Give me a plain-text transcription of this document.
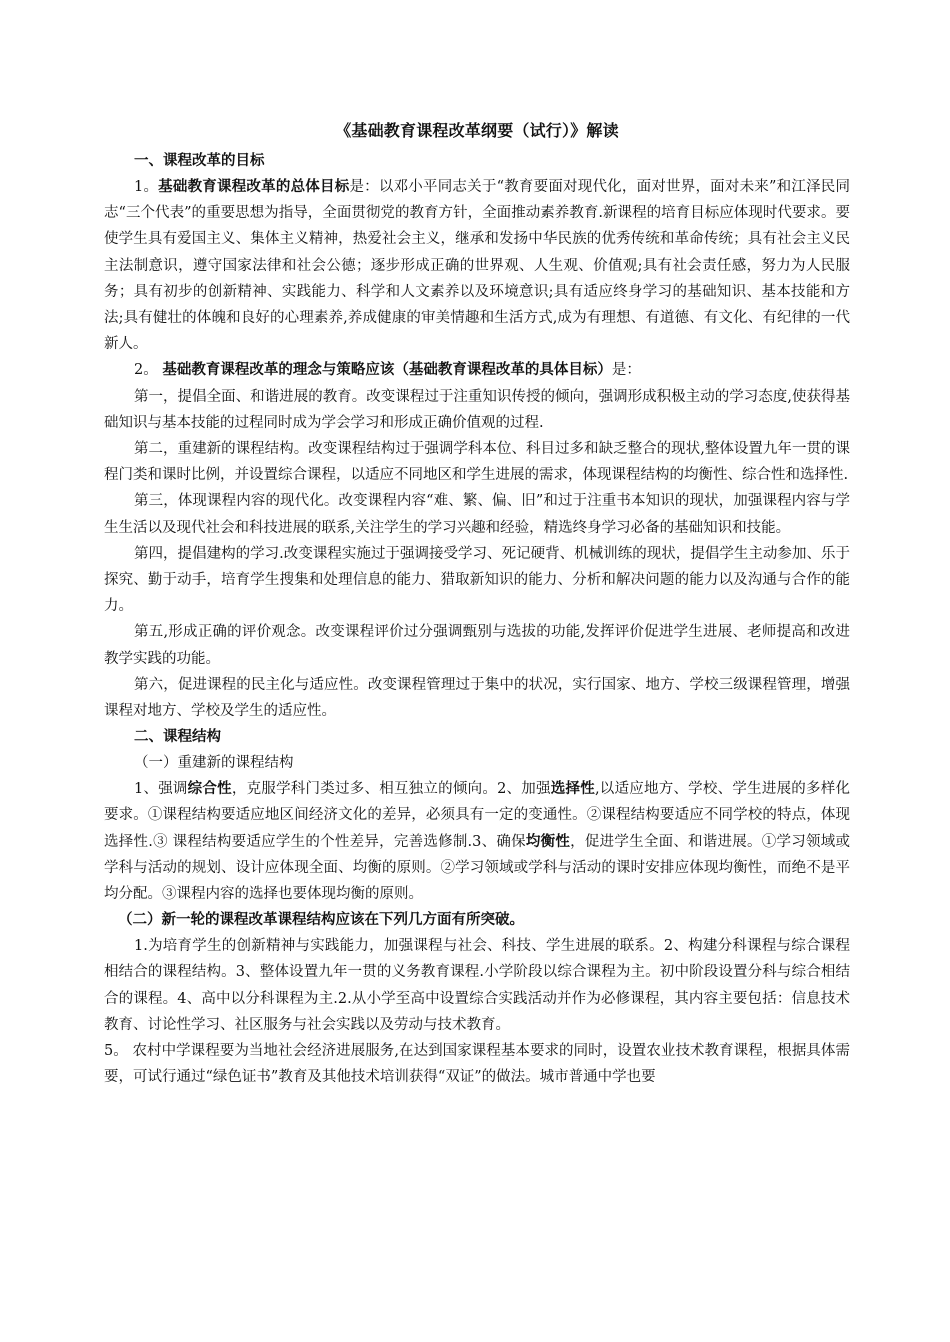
《基础教育课程改革纲要（试行）》解读
一、课程改革的目标

1。基础教育课程改革的总体目标是：以邓小平同志关于“教育要面对现代化，面对世界，面对未来”和江泽民同志“三个代表”的重要思想为指导，全面贯彻党的教育方针，全面推动素养教育.新课程的培育目标应体现时代要求。要使学生具有爱国主义、集体主义精神，热爱社会主义，继承和发扬中华民族的优秀传统和革命传统；具有社会主义民主法制意识，遵守国家法律和社会公德；逐步形成正确的世界观、人生观、价值观;具有社会责任感，努力为人民服务；具有初步的创新精神、实践能力、科学和人文素养以及环境意识;具有适应终身学习的基础知识、基本技能和方法;具有健壮的体魄和良好的心理素养,养成健康的审美情趣和生活方式,成为有理想、有道德、有文化、有纪律的一代新人。

2。 基础教育课程改革的理念与策略应该（基础教育课程改革的具体目标）是：

第一，提倡全面、和谐进展的教育。改变课程过于注重知识传授的倾向，强调形成积极主动的学习态度,使获得基础知识与基本技能的过程同时成为学会学习和形成正确价值观的过程.

第二，重建新的课程结构。改变课程结构过于强调学科本位、科目过多和缺乏整合的现状,整体设置九年一贯的课程门类和课时比例，并设置综合课程，以适应不同地区和学生进展的需求，体现课程结构的均衡性、综合性和选择性.

第三，体现课程内容的现代化。改变课程内容“难、繁、偏、旧”和过于注重书本知识的现状，加强课程内容与学生生活以及现代社会和科技进展的联系,关注学生的学习兴趣和经验，精选终身学习必备的基础知识和技能。

第四，提倡建构的学习.改变课程实施过于强调接受学习、死记硬背、机械训练的现状，提倡学生主动参加、乐于探究、勤于动手，培育学生搜集和处理信息的能力、猎取新知识的能力、分析和解决问题的能力以及沟通与合作的能力。

第五,形成正确的评价观念。改变课程评价过分强调甄别与选拔的功能,发挥评价促进学生进展、老师提高和改进教学实践的功能。

第六，促进课程的民主化与适应性。改变课程管理过于集中的状况，实行国家、地方、学校三级课程管理，增强课程对地方、学校及学生的适应性。

二、课程结构
（一）重建新的课程结构

1、强调综合性，克服学科门类过多、相互独立的倾向。2、加强选择性,以适应地方、学校、学生进展的多样化要求。①课程结构要适应地区间经济文化的差异，必须具有一定的变通性。②课程结构要适应不同学校的特点，体现选择性.③ 课程结构要适应学生的个性差异，完善选修制.3、确保均衡性，促进学生全面、和谐进展。①学习领域或学科与活动的规划、设计应体现全面、均衡的原则。②学习领域或学科与活动的课时安排应体现均衡性，而绝不是平均分配。③课程内容的选择也要体现均衡的原则。

（二）新一轮的课程改革课程结构应该在下列几方面有所突破。

1.为培育学生的创新精神与实践能力，加强课程与社会、科技、学生进展的联系。2、构建分科课程与综合课程相结合的课程结构。3、整体设置九年一贯的义务教育课程.小学阶段以综合课程为主。初中阶段设置分科与综合相结合的课程。4、高中以分科课程为主.2.从小学至高中设置综合实践活动并作为必修课程，其内容主要包括：信息技术教育、讨论性学习、社区服务与社会实践以及劳动与技术教育。

5。 农村中学课程要为当地社会经济进展服务,在达到国家课程基本要求的同时，设置农业技术教育课程，根据具体需要，可试行通过“绿色证书”教育及其他技术培训获得“双证”的做法。城市普通中学也要
